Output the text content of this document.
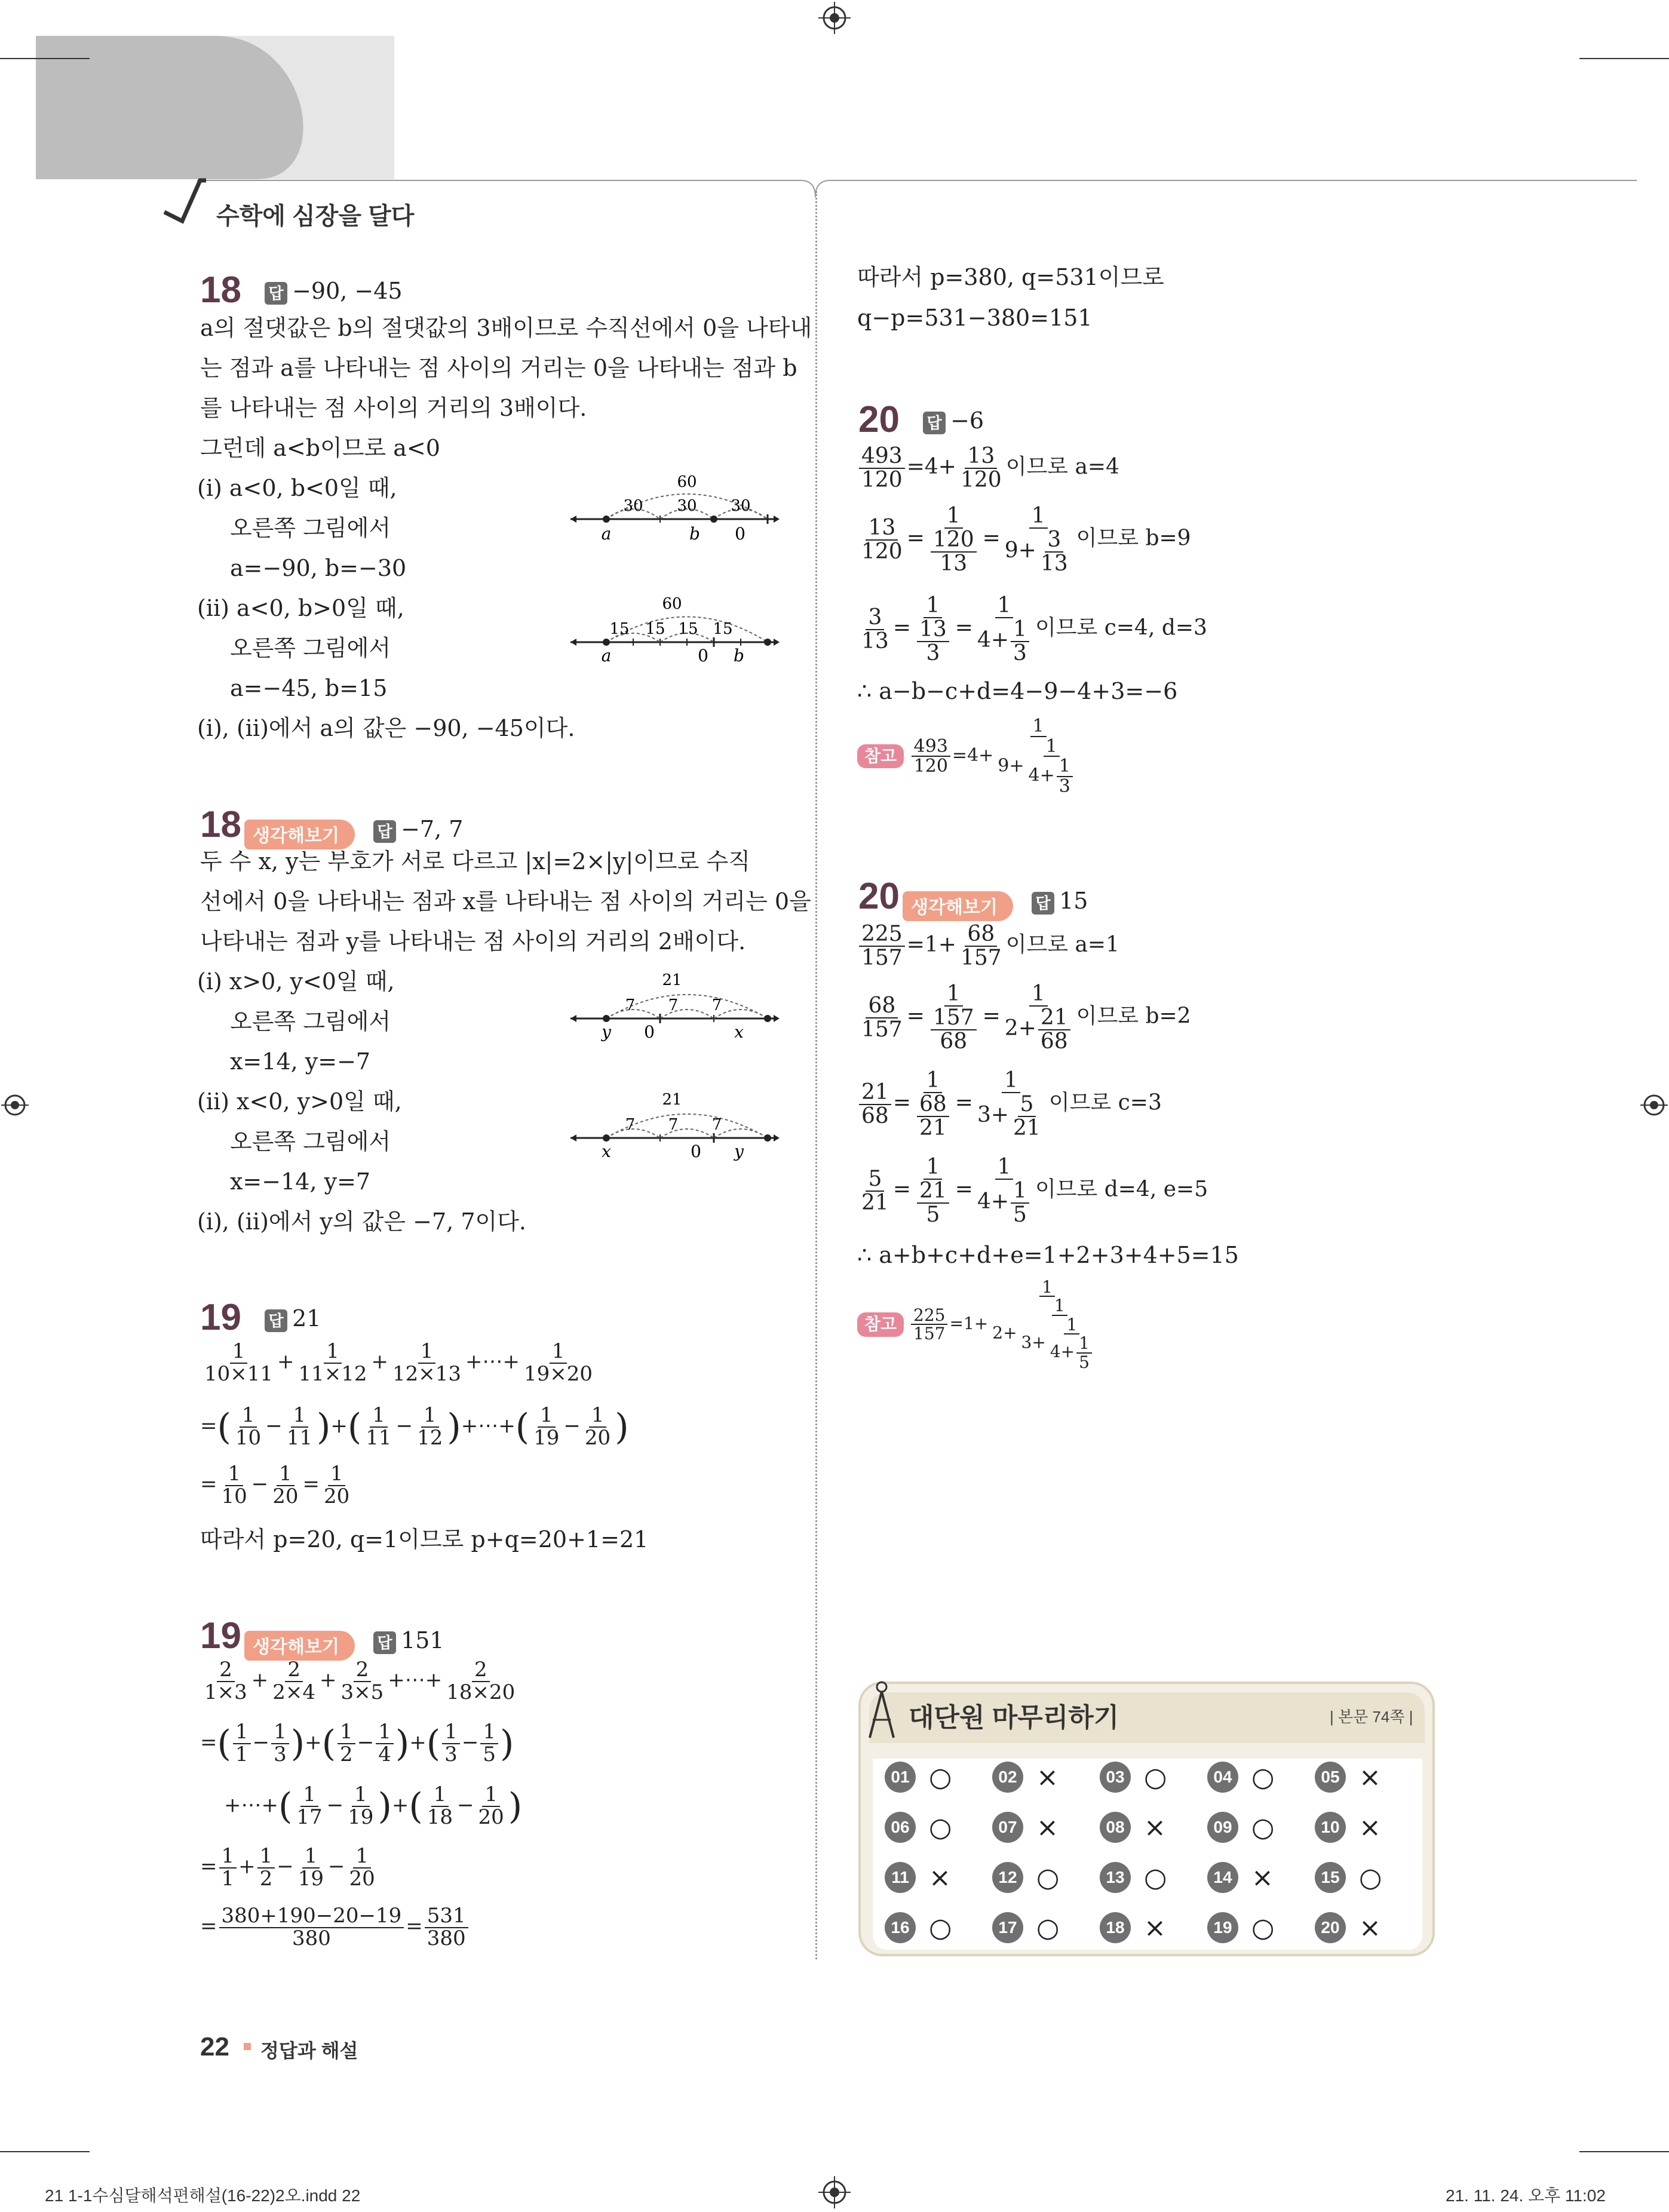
수학에 심장을 달다
18 답 −90, −45
a의 절댓값은 b의 절댓값의 3배이므로 수직선에서 0을 나타내
는 점과 a를 나타내는 점 사이의 거리는 0을 나타내는 점과 b
를 나타내는 점 사이의 거리의 3배이다.
그런데 a<b이므로 a<0
(ⅰ) a<0, b<0일 때,
오른쪽 그림에서
a=−90, b=−30
(ⅱ) a<0, b>0일 때,
오른쪽 그림에서
a=−45, b=15
(ⅰ), (ⅱ)에서 a의 값은 −90, −45이다.
60
30 30 30
a	b 0
60
15 15 15 15
a	0 b
18 생각해보기 답 −7, 7
두 수 x, y는 부호가 서로 다르고 |x|=2×|y|이므로 수직
선에서 0을 나타내는 점과 x를 나타내는 점 사이의 거리는 0을
나타내는 점과 y를 나타내는 점 사이의 거리의 2배이다.
(ⅰ) x>0, y<0일 때,
오른쪽 그림에서
x=14, y=−7
(ⅱ) x<0, y>0일 때,
오른쪽 그림에서
x=−14, y=7
(ⅰ), (ⅱ)에서 y의 값은 −7, 7이다.
21
7 7 7
y 0	x
21
7 7 7
x	0 y
19 답 21
$\frac{1}{10\times 11} + \frac{1}{11\times 12} + \frac{1}{12\times 13}$ +⋯+ $\frac{1}{19\times 20}$
=( $\frac{1}{10} - \frac{1}{11}$ )+( $\frac{1}{11} - \frac{1}{12}$ )+⋯+( $\frac{1}{19} - \frac{1}{20}$ )
= $\frac{1}{10} - \frac{1}{20} = \frac{1}{20}$
따라서 p=20, q=1이므로 p+q=20+1=21
19 생각해보기 답 151
$\frac{2}{1\times 3} + \frac{2}{2\times 4} + \frac{2}{3\times 5}$ +⋯+ $\frac{2}{18\times 20}$
=( $\frac{1}{1} - \frac{1}{3}$ )+( $\frac{1}{2} - \frac{1}{4}$ )+( $\frac{1}{3} - \frac{1}{5}$ )
+⋯+( $\frac{1}{17} - \frac{1}{19}$ )+( $\frac{1}{18} - \frac{1}{20}$ )
= $\frac{1}{1} + \frac{1}{2} - \frac{1}{19} - \frac{1}{20}$
= $\frac{380+190-20-19}{380} = \frac{531}{380}$
따라서 p=380, q=531이므로
q−p=531−380=151
20 답 −6
$\frac{493}{120} =4+ \frac{13}{120}$ 이므로 a=4
$\frac{13}{120} = \frac{1}{\frac{120}{13}} = \frac{1}{9+ \frac{3}{13}}$ 이므로 b=9
$\frac{3}{13} = \frac{1}{\frac{13}{3}} = \frac{1}{4+ \frac{1}{3}}$ 이므로 c=4, d=3
∴ a−b−c+d=4−9−4+3=−6
참고 $\frac{493}{120} =4+ \frac{1}{9+ \frac{1}{4+ \frac{1}{3}}}$
20 생각해보기 답 15
$\frac{225}{157} =1+ \frac{68}{157}$ 이므로 a=1
$\frac{68}{157} = \frac{1}{\frac{157}{68}} = \frac{1}{2+ \frac{21}{68}}$ 이므로 b=2
$\frac{21}{68} = \frac{1}{\frac{68}{21}} = \frac{1}{3+ \frac{5}{21}}$ 이므로 c=3
$\frac{5}{21} = \frac{1}{\frac{21}{5}} = \frac{1}{4+ \frac{1}{5}}$ 이므로 d=4, e=5
∴ a+b+c+d+e=1+2+3+4+5=15
참고 $\frac{225}{157} =1+ \frac{1}{2+ \frac{1}{3+ \frac{1}{4+ \frac{1}{5}}}}$
대단원 마무리하기	| 본문 74쪽 |
01 ○	02 ×	03 ○	04 ○	05 ×
06 ○	07 ×	08 ×	09 ○	10 ×
11 ×	12 ○	13 ○	14 ×	15 ○
16 ○	17 ○	18 ×	19 ○	20 ×
22 정답과 해설
21 1-1수심달해석편해설(16-22)2오.indd 22	21. 11. 24. 오후 11:02
